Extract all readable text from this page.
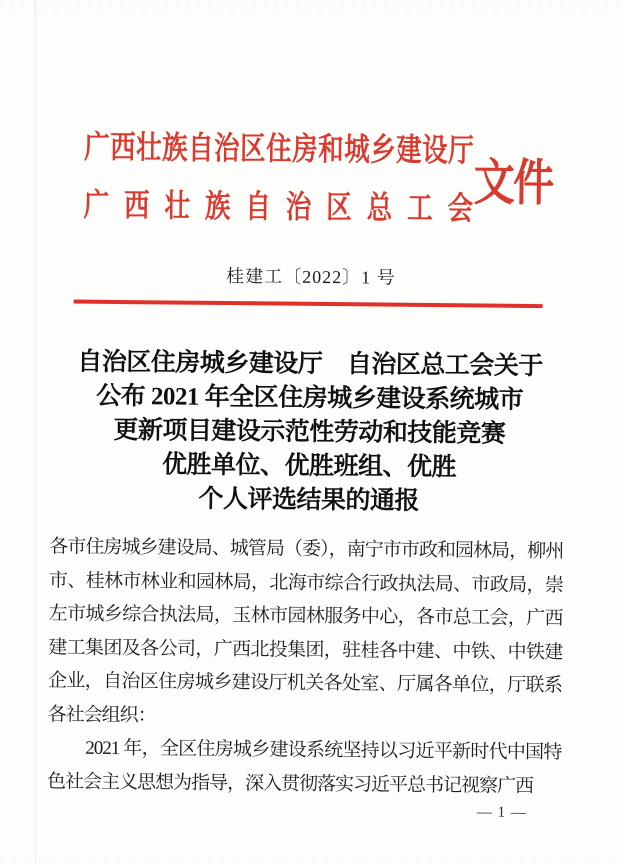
广西壮族自治区住房和城乡建设厅
广西壮族自治区总工会 文件
桂建工〔2022〕1 号
自治区住房城乡建设厅　自治区总工会关于
公布 2021 年全区住房城乡建设系统城市
更新项目建设示范性劳动和技能竞赛
优胜单位、优胜班组、优胜
个人评选结果的通报

各市住房城乡建设局、城管局（委），南宁市市政和园林局，柳州市、桂林市林业和园林局，北海市综合行政执法局、市政局，崇左市城乡综合执法局，玉林市园林服务中心，各市总工会，广西建工集团及各公司，广西北投集团，驻桂各中建、中铁、中铁建企业，自治区住房城乡建设厅机关各处室、厅属各单位，厅联系各社会组织：

2021 年，全区住房城乡建设系统坚持以习近平新时代中国特色社会主义思想为指导，深入贯彻落实习近平总书记视察广西

— 1 —
